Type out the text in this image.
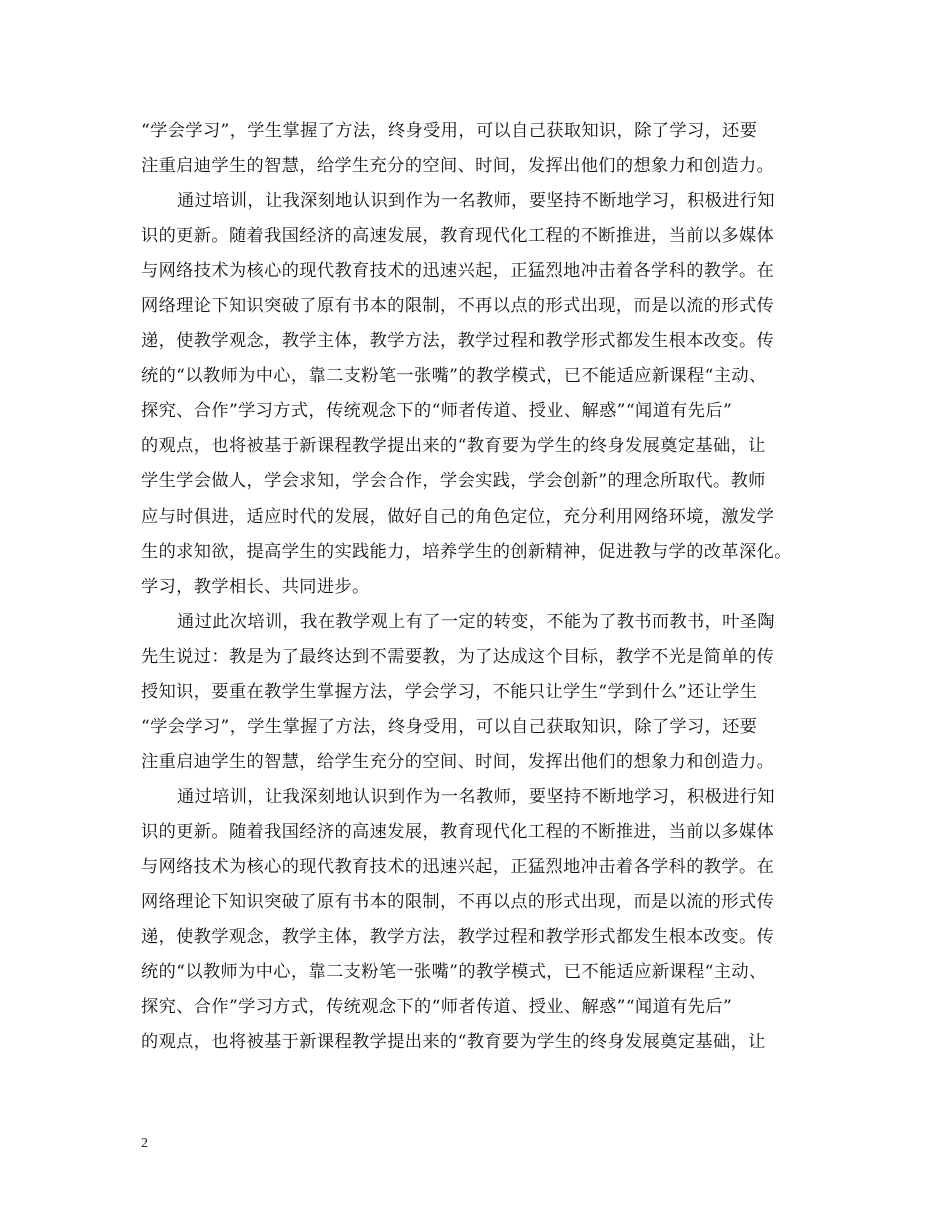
“学会学习”，学生掌握了方法，终身受用，可以自己获取知识，除了学习，还要
注重启迪学生的智慧，给学生充分的空间、时间，发挥出他们的想象力和创造力。
通过培训，让我深刻地认识到作为一名教师，要坚持不断地学习，积极进行知
识的更新。随着我国经济的高速发展，教育现代化工程的不断推进，当前以多媒体
与网络技术为核心的现代教育技术的迅速兴起，正猛烈地冲击着各学科的教学。在
网络理论下知识突破了原有书本的限制，不再以点的形式出现，而是以流的形式传
递，使教学观念，教学主体，教学方法，教学过程和教学形式都发生根本改变。传
统的“以教师为中心，靠二支粉笔一张嘴”的教学模式，已不能适应新课程“主动、
探究、合作”学习方式，传统观念下的“师者传道、授业、解惑”“闻道有先后”
的观点，也将被基于新课程教学提出来的“教育要为学生的终身发展奠定基础，让
学生学会做人，学会求知，学会合作，学会实践，学会创新”的理念所取代。教师
应与时俱进，适应时代的发展，做好自己的角色定位，充分利用网络环境，激发学
生的求知欲，提高学生的实践能力，培养学生的创新精神，促进教与学的改革深化。
学习，教学相长、共同进步。
通过此次培训，我在教学观上有了一定的转变，不能为了教书而教书，叶圣陶
先生说过：教是为了最终达到不需要教，为了达成这个目标，教学不光是简单的传
授知识，要重在教学生掌握方法，学会学习，不能只让学生“学到什么”还让学生
“学会学习”，学生掌握了方法，终身受用，可以自己获取知识，除了学习，还要
注重启迪学生的智慧，给学生充分的空间、时间，发挥出他们的想象力和创造力。
通过培训，让我深刻地认识到作为一名教师，要坚持不断地学习，积极进行知
识的更新。随着我国经济的高速发展，教育现代化工程的不断推进，当前以多媒体
与网络技术为核心的现代教育技术的迅速兴起，正猛烈地冲击着各学科的教学。在
网络理论下知识突破了原有书本的限制，不再以点的形式出现，而是以流的形式传
递，使教学观念，教学主体，教学方法，教学过程和教学形式都发生根本改变。传
统的“以教师为中心，靠二支粉笔一张嘴”的教学模式，已不能适应新课程“主动、
探究、合作”学习方式，传统观念下的“师者传道、授业、解惑”“闻道有先后”
的观点，也将被基于新课程教学提出来的“教育要为学生的终身发展奠定基础，让
2
